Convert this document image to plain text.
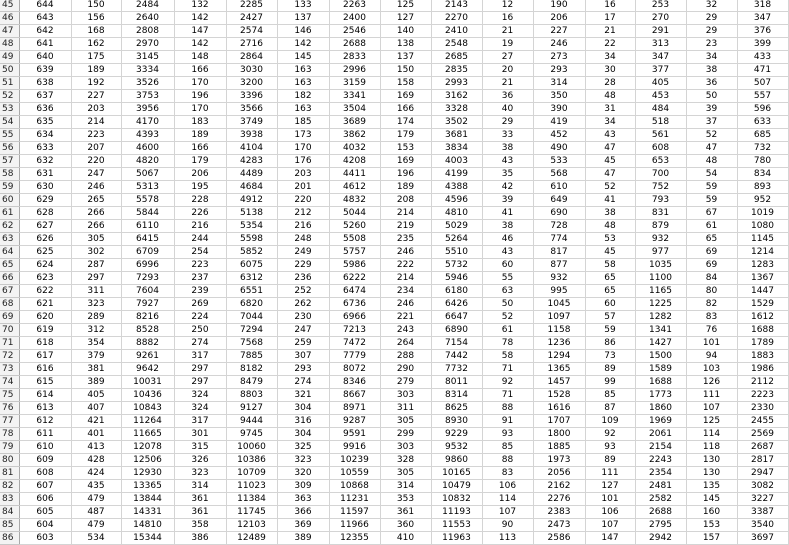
45	644	150	2484	132	2285	133	2263	125	2143	12	190	16	253	32	318
46	643	156	2640	142	2427	137	2400	127	2270	16	206	17	270	29	347
47	642	168	2808	147	2574	146	2546	140	2410	21	227	21	291	29	376
48	641	162	2970	142	2716	142	2688	138	2548	19	246	22	313	23	399
49	640	175	3145	148	2864	145	2833	137	2685	27	273	34	347	34	433
50	639	189	3334	166	3030	163	2996	150	2835	20	293	30	377	38	471
51	638	192	3526	170	3200	163	3159	158	2993	21	314	28	405	36	507
52	637	227	3753	196	3396	182	3341	169	3162	36	350	48	453	50	557
53	636	203	3956	170	3566	163	3504	166	3328	40	390	31	484	39	596
54	635	214	4170	183	3749	185	3689	174	3502	29	419	34	518	37	633
55	634	223	4393	189	3938	173	3862	179	3681	33	452	43	561	52	685
56	633	207	4600	166	4104	170	4032	153	3834	38	490	47	608	47	732
57	632	220	4820	179	4283	176	4208	169	4003	43	533	45	653	48	780
58	631	247	5067	206	4489	203	4411	196	4199	35	568	47	700	54	834
59	630	246	5313	195	4684	201	4612	189	4388	42	610	52	752	59	893
60	629	265	5578	228	4912	220	4832	208	4596	39	649	41	793	59	952
61	628	266	5844	226	5138	212	5044	214	4810	41	690	38	831	67	1019
62	627	266	6110	216	5354	216	5260	219	5029	38	728	48	879	61	1080
63	626	305	6415	244	5598	248	5508	235	5264	46	774	53	932	65	1145
64	625	302	6709	254	5852	249	5757	246	5510	43	817	45	977	69	1214
65	624	287	6996	223	6075	229	5986	222	5732	60	877	58	1035	69	1283
66	623	297	7293	237	6312	236	6222	214	5946	55	932	65	1100	84	1367
67	622	311	7604	239	6551	252	6474	234	6180	63	995	65	1165	80	1447
68	621	323	7927	269	6820	262	6736	246	6426	50	1045	60	1225	82	1529
69	620	289	8216	224	7044	230	6966	221	6647	52	1097	57	1282	83	1612
70	619	312	8528	250	7294	247	7213	243	6890	61	1158	59	1341	76	1688
71	618	354	8882	274	7568	259	7472	264	7154	78	1236	86	1427	101	1789
72	617	379	9261	317	7885	307	7779	288	7442	58	1294	73	1500	94	1883
73	616	381	9642	297	8182	293	8072	290	7732	71	1365	89	1589	103	1986
74	615	389	10031	297	8479	274	8346	279	8011	92	1457	99	1688	126	2112
75	614	405	10436	324	8803	321	8667	303	8314	71	1528	85	1773	111	2223
76	613	407	10843	324	9127	304	8971	311	8625	88	1616	87	1860	107	2330
77	612	421	11264	317	9444	316	9287	305	8930	91	1707	109	1969	125	2455
78	611	401	11665	301	9745	304	9591	299	9229	93	1800	92	2061	114	2569
79	610	413	12078	315	10060	325	9916	303	9532	85	1885	93	2154	118	2687
80	609	428	12506	326	10386	323	10239	328	9860	88	1973	89	2243	130	2817
81	608	424	12930	323	10709	320	10559	305	10165	83	2056	111	2354	130	2947
82	607	435	13365	314	11023	309	10868	314	10479	106	2162	127	2481	135	3082
83	606	479	13844	361	11384	363	11231	353	10832	114	2276	101	2582	145	3227
84	605	487	14331	361	11745	366	11597	361	11193	107	2383	106	2688	160	3387
85	604	479	14810	358	12103	369	11966	360	11553	90	2473	107	2795	153	3540
86	603	534	15344	386	12489	389	12355	410	11963	113	2586	147	2942	157	3697
